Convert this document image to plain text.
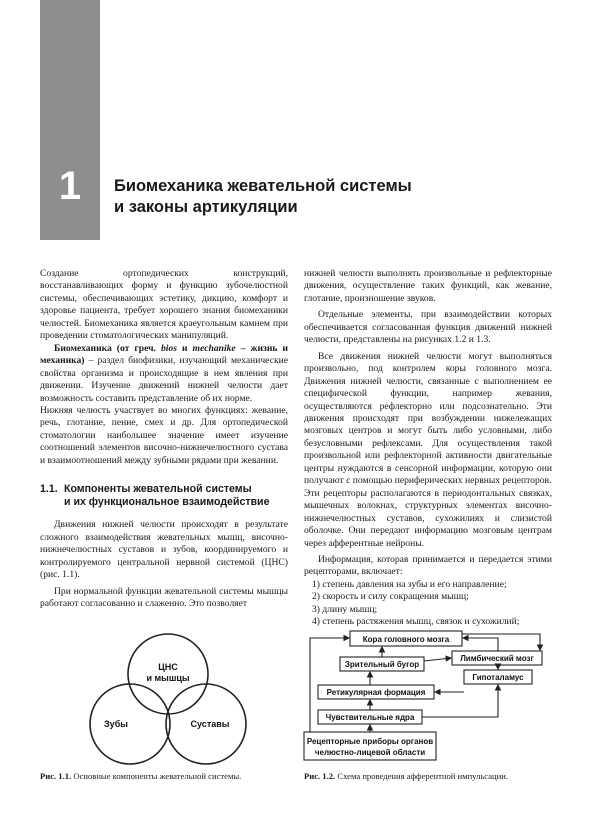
1	Биомеханика жевательной системы
и законы артикуляции

Создание ортопедических конструкций, восстанавливающих форму и функцию зубочелюстной системы, обеспечивающих эстетику, дикцию, комфорт и здоровье пациента, требует хорошего знания биомеханики челюстей. Биомеханика является краеугольным камнем при проведении стоматологических манипуляций.

Биомеханика (от греч. bios и mechanike – жизнь и механика) – раздел биофизики, изучающий механические свойства организма и происходящие в нем явления при движении. Изучение движений нижней челюсти дает возможность составить представление об их норме.

Нижняя челюсть участвует во многих функциях: жевание, речь, глотание, пение, смех и др. Для ортопедической стоматологии наибольшее значение имеет изучение соотношений элементов височно-нижнечелюстного сустава и взаимоотношений между зубными рядами при жевании.

1.1. Компоненты жевательной системы
и их функциональное взаимодействие

Движения нижней челюсти происходят в результате сложного взаимодействия жевательных мышц, височно-нижнечелюстных суставов и зубов, координируемого и контролируемого центральной нервной системой (ЦНС) (рис. 1.1).

При нормальной функции жевательной системы мышцы работают согласованно и слаженно. Это позволяет

нижней челюсти выполнять произвольные и рефлекторные движения, осуществление таких функций, как жевание, глотание, произношение звуков.

Отдельные элементы, при взаимодействии которых обеспечивается согласованная функция движений нижней челюсти, представлены на рисунках 1.2 и 1.3.

Все движения нижней челюсти могут выполняться произвольно, под контролем коры головного мозга. Движения нижней челюсти, связанные с выполнением ее специфической функции, например жевания, осуществляются рефлекторно или подсознательно. Эти движения происходят при возбуждении нижележащих мозговых центров и могут быть либо условными, либо безусловными рефлексами. Для осуществления такой произвольной или рефлекторной активности двигательные центры нуждаются в сенсорной информации, которую они получают с помощью периферических нервных рецепторов.

Эти рецепторы располагаются в периодонтальных связках, мышечных волокнах, структурных элементах височно-нижнечелюстных суставов, сухожилиях и слизистой оболочке. Они передают информацию мозговым центрам через афферентные нейроны.

Информация, которая принимается и передается этими рецепторами, включает:

1) степень давления на зубы и его направление;
2) скорость и силу сокращения мышц;
3) длину мышц;
4) степень растяжения мышц, связок и сухожилий;
ЦНС
и мышцы
Зубы	Суставы
Рис. 1.1. Основные компоненты жевательной системы.
Кора головного мозга
Лимбический мозг
Зрительный бугор
Гипоталамус
Ретикулярная формация
Чувствительные ядра
Рецепторные приборы органов
челюстно-лицевой области
Рис. 1.2. Схема проведения афферентной импульсации.
